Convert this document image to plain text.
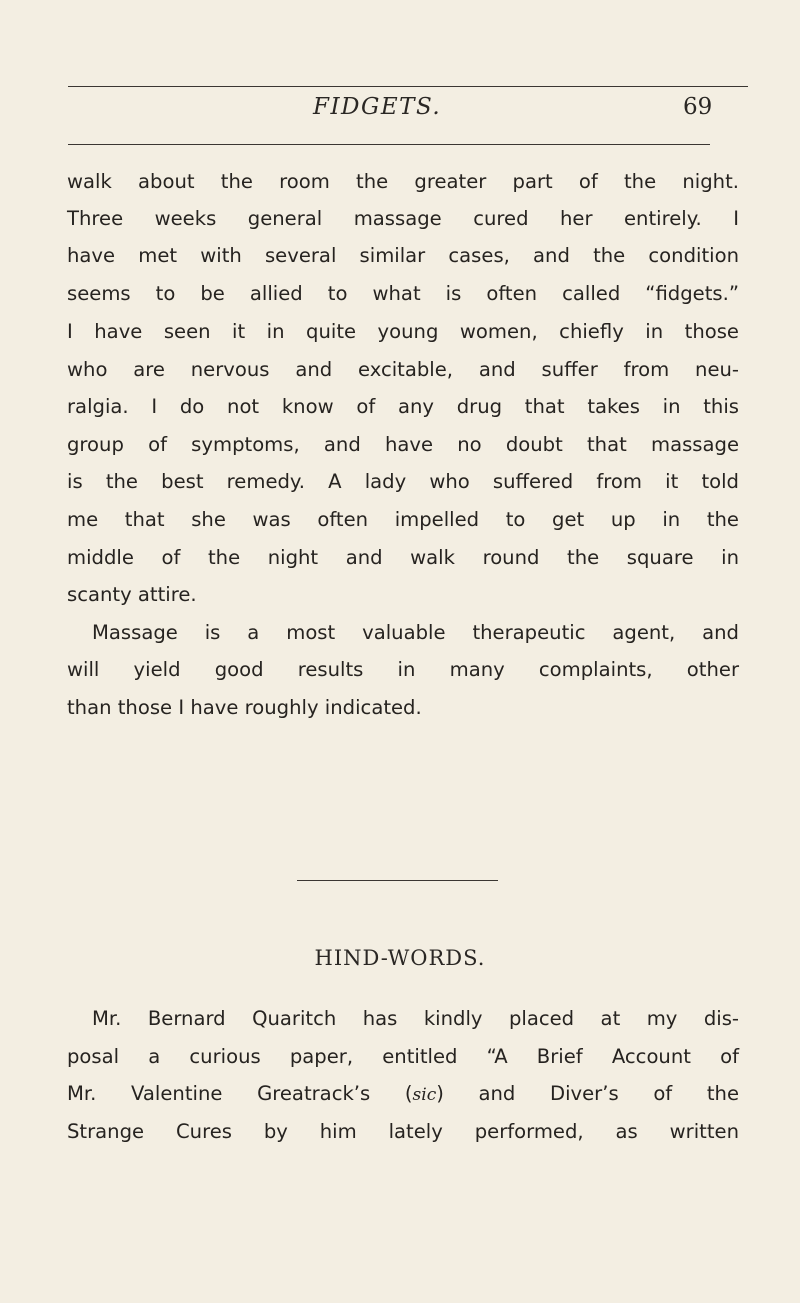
FIDGETS.	69
walk about the room the greater part of the night.
Three weeks general massage cured her entirely. I
have met with several similar cases, and the condition
seems to be allied to what is often called “fidgets.”
I have seen it in quite young women, chiefly in those
who are nervous and excitable, and suffer from neu-
ralgia. I do not know of any drug that takes in this
group of symptoms, and have no doubt that massage
is the best remedy. A lady who suffered from it told
me that she was often impelled to get up in the
middle of the night and walk round the square in
scanty attire.
Massage is a most valuable therapeutic agent, and
will yield good results in many complaints, other
than those I have roughly indicated.
HIND-WORDS.
Mr. Bernard Quaritch has kindly placed at my dis-
posal a curious paper, entitled “A Brief Account of
Mr. Valentine Greatrack’s (sic) and Diver’s of the
Strange Cures by him lately performed, as written
